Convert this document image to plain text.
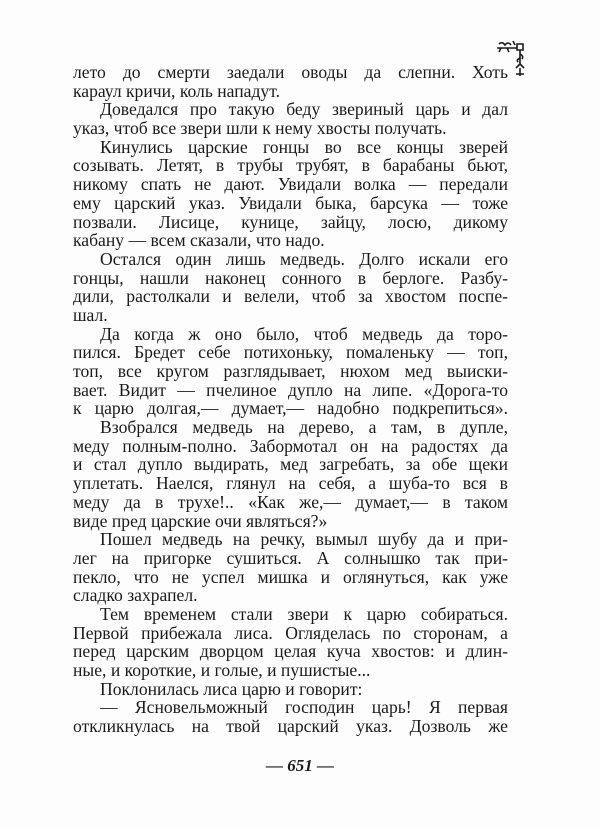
лето до смерти заедали оводы да слепни. Хоть
караул кричи, коль нападут.
Доведался про такую беду звериный царь и дал
указ, чтоб все звери шли к нему хвосты получать.
Кинулись царские гонцы во все концы зверей
созывать. Летят, в трубы трубят, в барабаны бьют,
никому спать не дают. Увидали волка — передали
ему царский указ. Увидали быка, барсука — тоже
позвали. Лисице, кунице, зайцу, лосю, дикому
кабану — всем сказали, что надо.
Остался один лишь медведь. Долго искали его
гонцы, нашли наконец сонного в берлоге. Разбу-
дили, растолкали и велели, чтоб за хвостом поспе-
шал.
Да когда ж оно было, чтоб медведь да торо-
пился. Бредет себе потихоньку, помаленьку — топ,
топ, все кругом разглядывает, нюхом мед выиски-
вает. Видит — пчелиное дупло на липе. «Дорога-то
к царю долгая,— думает,— надобно подкрепиться».
Взобрался медведь на дерево, а там, в дупле,
меду полным-полно. Забормотал он на радостях да
и стал дупло выдирать, мед загребать, за обе щеки
уплетать. Наелся, глянул на себя, а шуба-то вся в
меду да в трухе!.. «Как же,— думает,— в таком
виде пред царские очи являться?»
Пошел медведь на речку, вымыл шубу да и при-
лег на пригорке сушиться. А солнышко так при-
пекло, что не успел мишка и оглянуться, как уже
сладко захрапел.
Тем временем стали звери к царю собираться.
Первой прибежала лиса. Огляделась по сторонам, а
перед царским дворцом целая куча хвостов: и длин-
ные, и короткие, и голые, и пушистые...
Поклонилась лиса царю и говорит:
— Ясновельможный господин царь! Я первая
откликнулась на твой царский указ. Дозволь же
— 651 —
